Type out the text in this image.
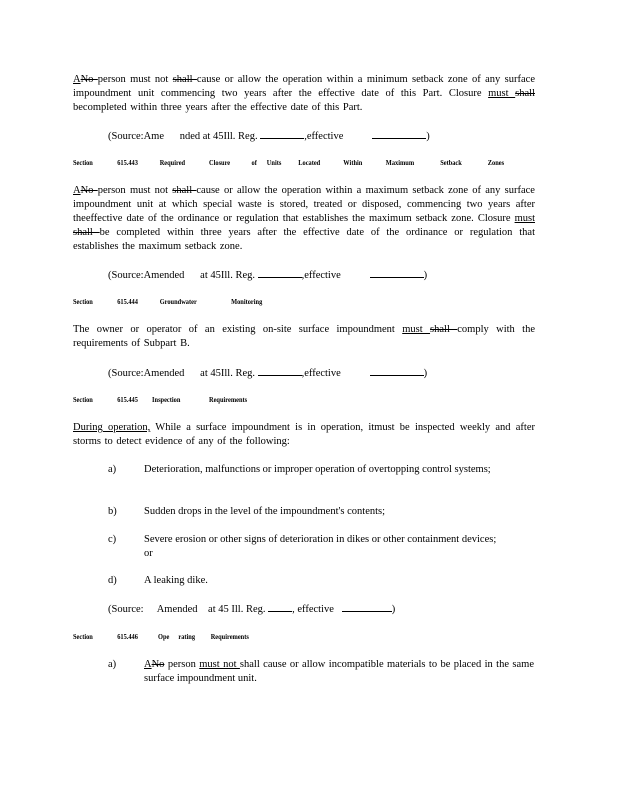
ANo person must not shall cause or allow the operation within a minimum setback zone of any surface impoundment unit commencing two years after the effective date of this Part. Closure must shall becompleted within three years after the effective date of this Part.
(Source:Ame nded at 45Ill. Reg.	,effective	)
Section	615.443	Required	Closure	of Units Located	Within	Maximum	Setback	Zones
ANo person must not shall cause or allow the operation within a maximum setback zone of any surface impoundment unit at which special waste is stored, treated or disposed, commencing two years after theeffective date of the ordinance or regulation that establishes the maximum setback zone. Closure must shall be completed within three years after the effective date of the ordinance or regulation that establishes the maximum setback zone.
(Source:Amended at 45Ill. Reg.	,effective	)
Section	615.444	Groundwater	Monitoring
The owner or operator of an existing on-site surface impoundment must shall comply with the requirements of Subpart B.
(Source:Amended at 45Ill. Reg.	,effective	)
Section	615.445 Inspection	Requirements
During operation, While a surface impoundment is in operation, itmust be inspected weekly and after storms to detect evidence of any of the following:
a)	Deterioration, malfunctions or improper operation of overtopping control systems;
b)	Sudden drops in the level of the impoundment's contents;
c)	Severe erosion or other signs of deterioration in dikes or other containment devices; or
d)	A leaking dike.
(Source: Amended at 45 Ill. Reg.	, effective	)
Section	615.446	Ope rating Requirements
a)	ANo person must not shall cause or allow incompatible materials to be placed in the same surface impoundment unit.
